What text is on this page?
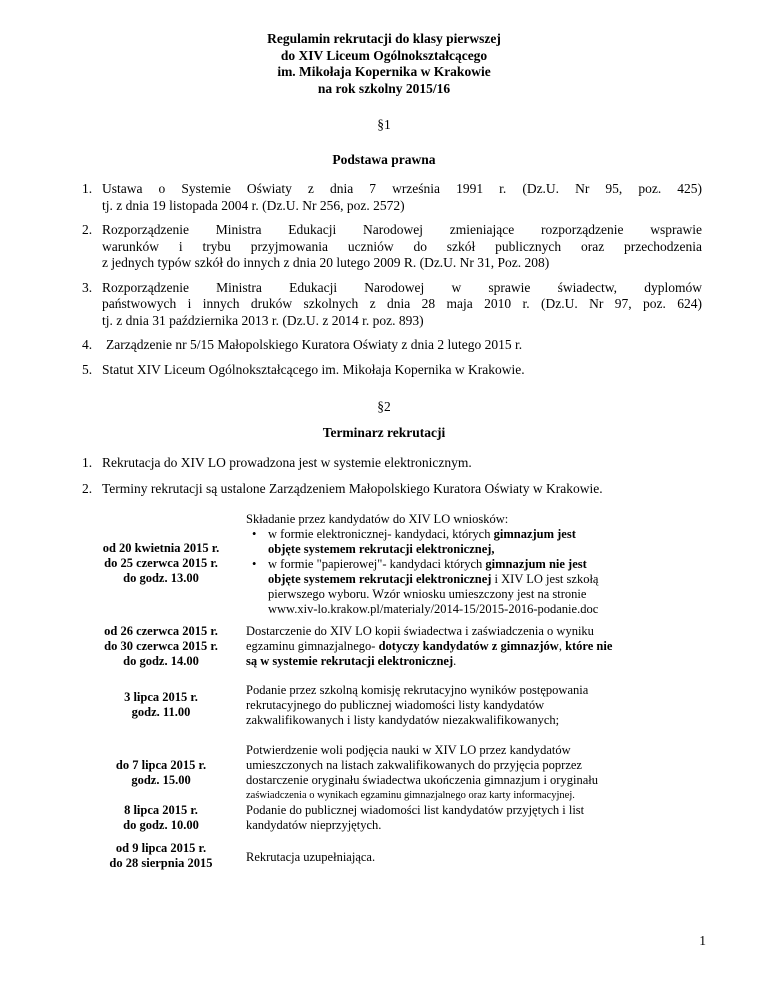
Regulamin rekrutacji do klasy pierwszej
do XIV Liceum Ogólnokształcącego
im. Mikołaja Kopernika w Krakowie
na rok szkolny 2015/16
§1
Podstawa prawna
1. Ustawa o Systemie Oświaty z dnia 7 września 1991 r. (Dz.U. Nr 95, poz. 425)
tj. z dnia 19 listopada 2004 r. (Dz.U. Nr 256, poz. 2572)
2. Rozporządzenie Ministra Edukacji Narodowej zmieniające rozporządzenie wsprawie
warunków i trybu przyjmowania uczniów do szkół publicznych oraz przechodzenia
z jednych typów szkół do innych z dnia 20 lutego 2009 R. (Dz.U. Nr 31, Poz. 208)
3. Rozporządzenie Ministra Edukacji Narodowej w sprawie świadectw, dyplomów
państwowych i innych druków szkolnych z dnia 28 maja 2010 r. (Dz.U. Nr 97, poz. 624)
tj. z dnia 31 października 2013 r. (Dz.U. z 2014 r. poz. 893)
4. Zarządzenie nr 5/15 Małopolskiego Kuratora Oświaty z dnia 2 lutego 2015 r.
5. Statut XIV Liceum Ogólnokształcącego im. Mikołaja Kopernika w Krakowie.
§2
Terminarz rekrutacji
1. Rekrutacja do XIV LO prowadzona jest w systemie elektronicznym.
2. Terminy rekrutacji są ustalone Zarządzeniem Małopolskiego Kuratora Oświaty w Krakowie.
od 20 kwietnia 2015 r.
do 25 czerwca 2015 r.
do godz. 13.00
Składanie przez kandydatów do XIV LO wniosków:
• w formie elektronicznej- kandydaci, których gimnazjum jest
objęte systemem rekrutacji elektronicznej,
• w formie "papierowej"- kandydaci których gimnazjum nie jest
objęte systemem rekrutacji elektronicznej i XIV LO jest szkołą
pierwszego wyboru. Wzór wniosku umieszczony jest na stronie
www.xiv-lo.krakow.pl/materialy/2014-15/2015-2016-podanie.doc
od 26 czerwca 2015 r.
do 30 czerwca 2015 r.
do godz. 14.00
Dostarczenie do XIV LO kopii świadectwa i zaświadczenia o wyniku
egzaminu gimnazjalnego- dotyczy kandydatów z gimnazjów, które nie
są w systemie rekrutacji elektronicznej.
3 lipca 2015 r.
godz. 11.00
Podanie przez szkolną komisję rekrutacyjno wyników postępowania
rekrutacyjnego do publicznej wiadomości listy kandydatów
zakwalifikowanych i listy kandydatów niezakwalifikowanych;
do 7 lipca 2015 r.
godz. 15.00
Potwierdzenie woli podjęcia nauki w XIV LO przez kandydatów
umieszczonych na listach zakwalifikowanych do przyjęcia poprzez
dostarczenie oryginału świadectwa ukończenia gimnazjum i oryginału
zaświadczenia o wynikach egzaminu gimnazjalnego oraz karty informacyjnej.
8 lipca 2015 r.
do godz. 10.00
Podanie do publicznej wiadomości list kandydatów przyjętych i list
kandydatów nieprzyjętych.
od 9 lipca 2015 r.
do 28 sierpnia 2015	Rekrutacja uzupełniająca.
1
